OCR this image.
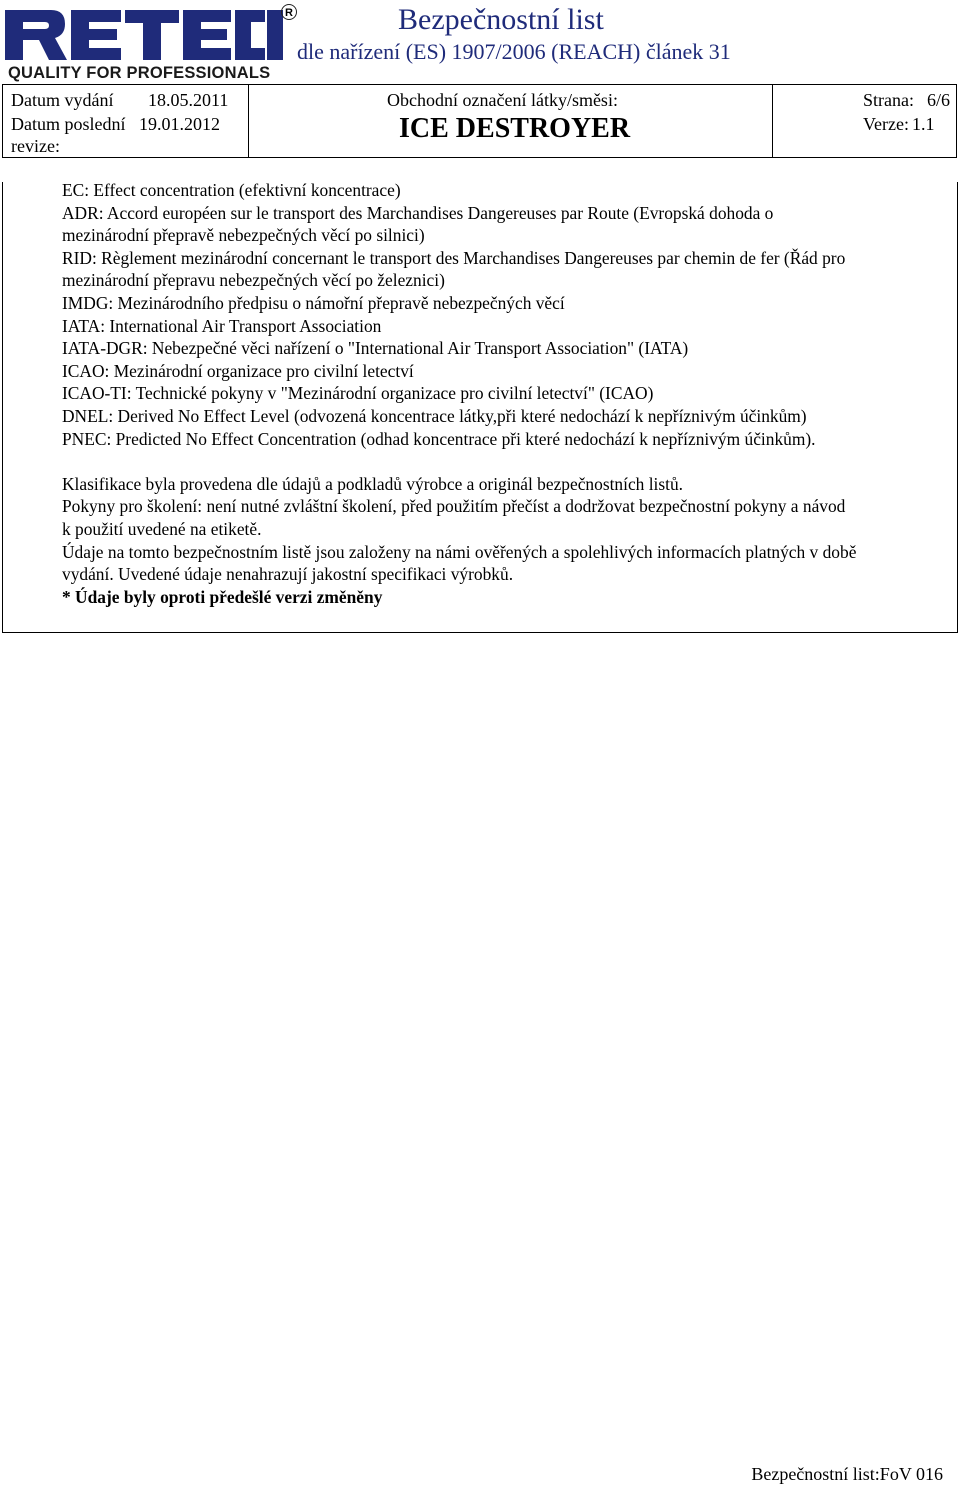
R
QUALITY FOR PROFESSIONALS
Bezpečnostní list
dle nařízení (ES) 1907/2006 (REACH) článek 31
Datum vydání 18.05.2011
Datum poslední 19.01.2012
revize:
Obchodní označení látky/směsi:
ICE DESTROYER
Strana: 6/6
Verze: 1.1

EC: Effect concentration (efektivní koncentrace)

ADR: Accord européen sur le transport des Marchandises Dangereuses par Route (Evropská dohoda o

mezinárodní přepravě nebezpečných věcí po silnici)

RID: Règlement mezinárodní concernant le transport des Marchandises Dangereuses par chemin de fer (Řád pro

mezinárodní přepravu nebezpečných věcí po železnici)

IMDG: Mezinárodního předpisu o námořní přepravě nebezpečných věcí

IATA: International Air Transport Association

IATA-DGR: Nebezpečné věci nařízení o "International Air Transport Association" (IATA)

ICAO: Mezinárodní organizace pro civilní letectví

ICAO-TI: Technické pokyny v "Mezinárodní organizace pro civilní letectví" (ICAO)

DNEL: Derived No Effect Level (odvozená koncentrace látky,při které nedochází k nepříznivým účinkům)

PNEC: Predicted No Effect Concentration (odhad koncentrace při které nedochází k nepříznivým účinkům).

Klasifikace byla provedena dle údajů a podkladů výrobce a originál bezpečnostních listů.

Pokyny pro školení: není nutné zvláštní školení, před použitím přečíst a dodržovat bezpečnostní pokyny a návod

k použití uvedené na etiketě.

Údaje na tomto bezpečnostním listě jsou založeny na námi ověřených a spolehlivých informacích platných v době

vydání. Uvedené údaje nenahrazují jakostní specifikaci výrobků.

* Údaje byly oproti předešlé verzi změněny

Bezpečnostní list:FoV 016
